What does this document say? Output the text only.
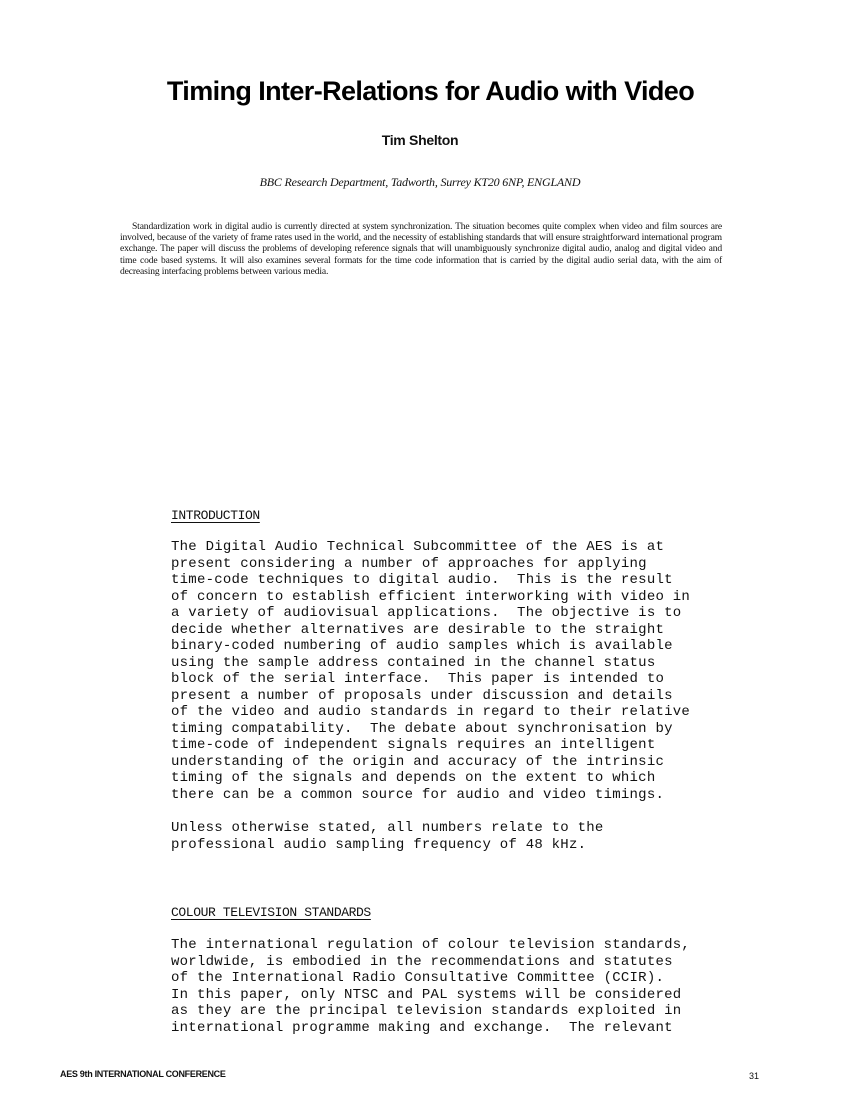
Timing Inter-Relations for Audio with Video
Tim Shelton
BBC Research Department, Tadworth, Surrey KT20 6NP, ENGLAND
Standardization work in digital audio is currently directed at system synchronization. The situation becomes quite complex when video and film sources are involved, because of the variety of frame rates used in the world, and the necessity of establishing standards that will ensure straightforward international program exchange. The paper will discuss the problems of developing reference signals that will unambiguously synchronize digital audio, analog and digital video and time code based systems. It will also examines several formats for the time code information that is carried by the digital audio serial data, with the aim of decreasing interfacing problems between various media.
INTRODUCTION
The Digital Audio Technical Subcommittee of the AES is at
present considering a number of approaches for applying
time-code techniques to digital audio.  This is the result
of concern to establish efficient interworking with video in
a variety of audiovisual applications.  The objective is to
decide whether alternatives are desirable to the straight
binary-coded numbering of audio samples which is available
using the sample address contained in the channel status
block of the serial interface.  This paper is intended to
present a number of proposals under discussion and details
of the video and audio standards in regard to their relative
timing compatability.  The debate about synchronisation by
time-code of independent signals requires an intelligent
understanding of the origin and accuracy of the intrinsic
timing of the signals and depends on the extent to which
there can be a common source for audio and video timings.
Unless otherwise stated, all numbers relate to the
professional audio sampling frequency of 48 kHz.
COLOUR TELEVISION STANDARDS
The international regulation of colour television standards,
worldwide, is embodied in the recommendations and statutes
of the International Radio Consultative Committee (CCIR).
In this paper, only NTSC and PAL systems will be considered
as they are the principal television standards exploited in
international programme making and exchange.  The relevant
AES 9th INTERNATIONAL CONFERENCE	31
